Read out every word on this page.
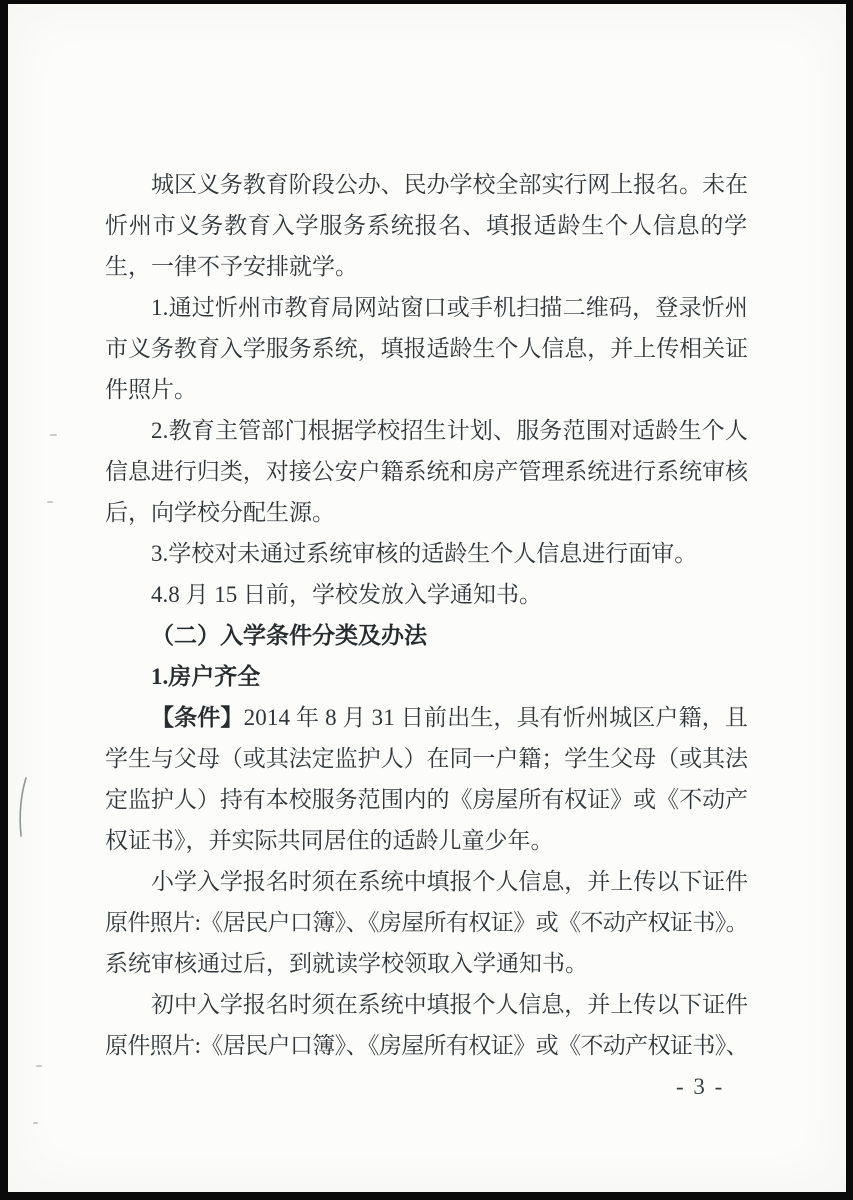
城区义务教育阶段公办、民办学校全部实行网上报名。未在
忻州市义务教育入学服务系统报名、填报适龄生个人信息的学
生，一律不予安排就学。
1.通过忻州市教育局网站窗口或手机扫描二维码，登录忻州
市义务教育入学服务系统，填报适龄生个人信息，并上传相关证
件照片。
2.教育主管部门根据学校招生计划、服务范围对适龄生个人
信息进行归类，对接公安户籍系统和房产管理系统进行系统审核
后，向学校分配生源。
3.学校对未通过系统审核的适龄生个人信息进行面审。
4.8 月 15 日前，学校发放入学通知书。
（二）入学条件分类及办法
1.房户齐全
【条件】2014 年 8 月 31 日前出生，具有忻州城区户籍，且
学生与父母（或其法定监护人）在同一户籍；学生父母（或其法
定监护人）持有本校服务范围内的《房屋所有权证》或《不动产
权证书》，并实际共同居住的适龄儿童少年。
小学入学报名时须在系统中填报个人信息，并上传以下证件
原件照片:《居民户口簿》、《房屋所有权证》或《不动产权证书》。
系统审核通过后，到就读学校领取入学通知书。
初中入学报名时须在系统中填报个人信息，并上传以下证件
原件照片:《居民户口簿》、《房屋所有权证》或《不动产权证书》、
- 3 -
